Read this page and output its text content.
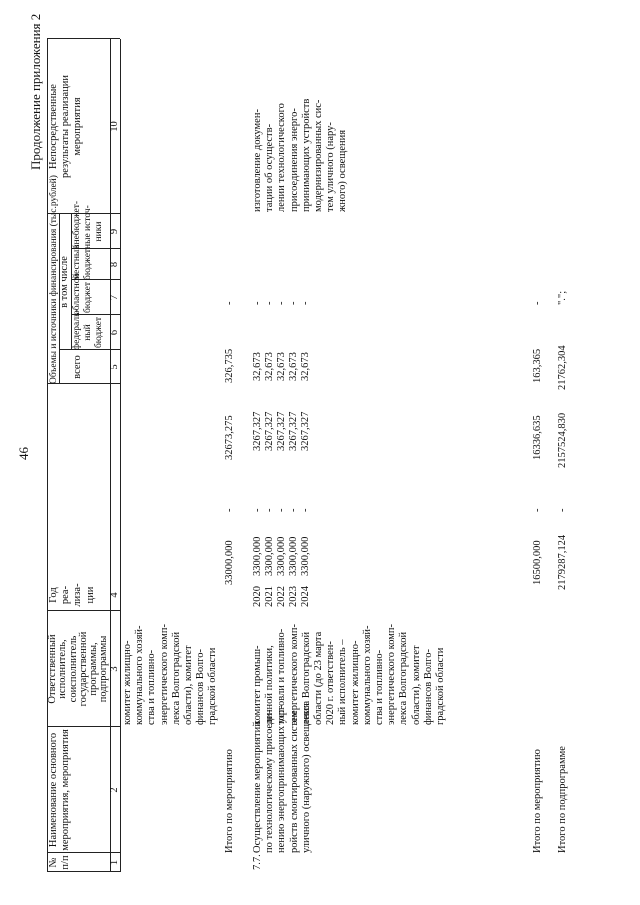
46
Продолжение приложения 2
№ п/п
Наименование основного мероприятия, мероприятия
Ответственный исполнитель, соисполнитель государственной программы, подпрограммы
Год реа- лиза- ции
Объемы и источники финансирования (тыс.рублей) всего
в том числе
федераль- ный бюджет
областной бюджет
местный бюджет
внебюджет- ные источ- ники
Непосредственные результаты реализации мероприятия
1
2
3
4
5
6
7
8
9
10
комитет жилищно- коммунального хозяй- ства и топливно- энергетического комп- лекса Волгоградской области), комитет финансов Волго- градской области
Итого по мероприятию
33000,000
-
32673,275
326,735
-
7.7.
Осуществление мероприятий по технологическому присоеди- нению энергопринимающих уст- ройств смонтированных систем уличного (наружного) освещения
комитет промыш- ленной политики, торговли и топливно- энергетического комп- лекса Волгоградской области (до 23 марта 2020 г. ответствен- ный исполнитель – комитет жилищно- коммунального хозяй- ства и топливно- энергетического комп- лекса Волгоградской области), комитет финансов Волго- градской области
2020 2021 2022 2023 2024
3300,000 3300,000 3300,000 3300,000 3300,000
- - - - -
3267,327 3267,327 3267,327 3267,327 3267,327
32,673 32,673 32,673 32,673 32,673
- - - - -
изготовление докумен- тации об осуществ- лении технологического присоединения энерго- принимающих устройств модернизированных сис- тем уличного (нару- жного) освещения
Итого по мероприятию
16500,000
-
16336,635
163,365
-
Итого по подпрограмме
2179287,124
-
2157524,830
21762,304
".";
